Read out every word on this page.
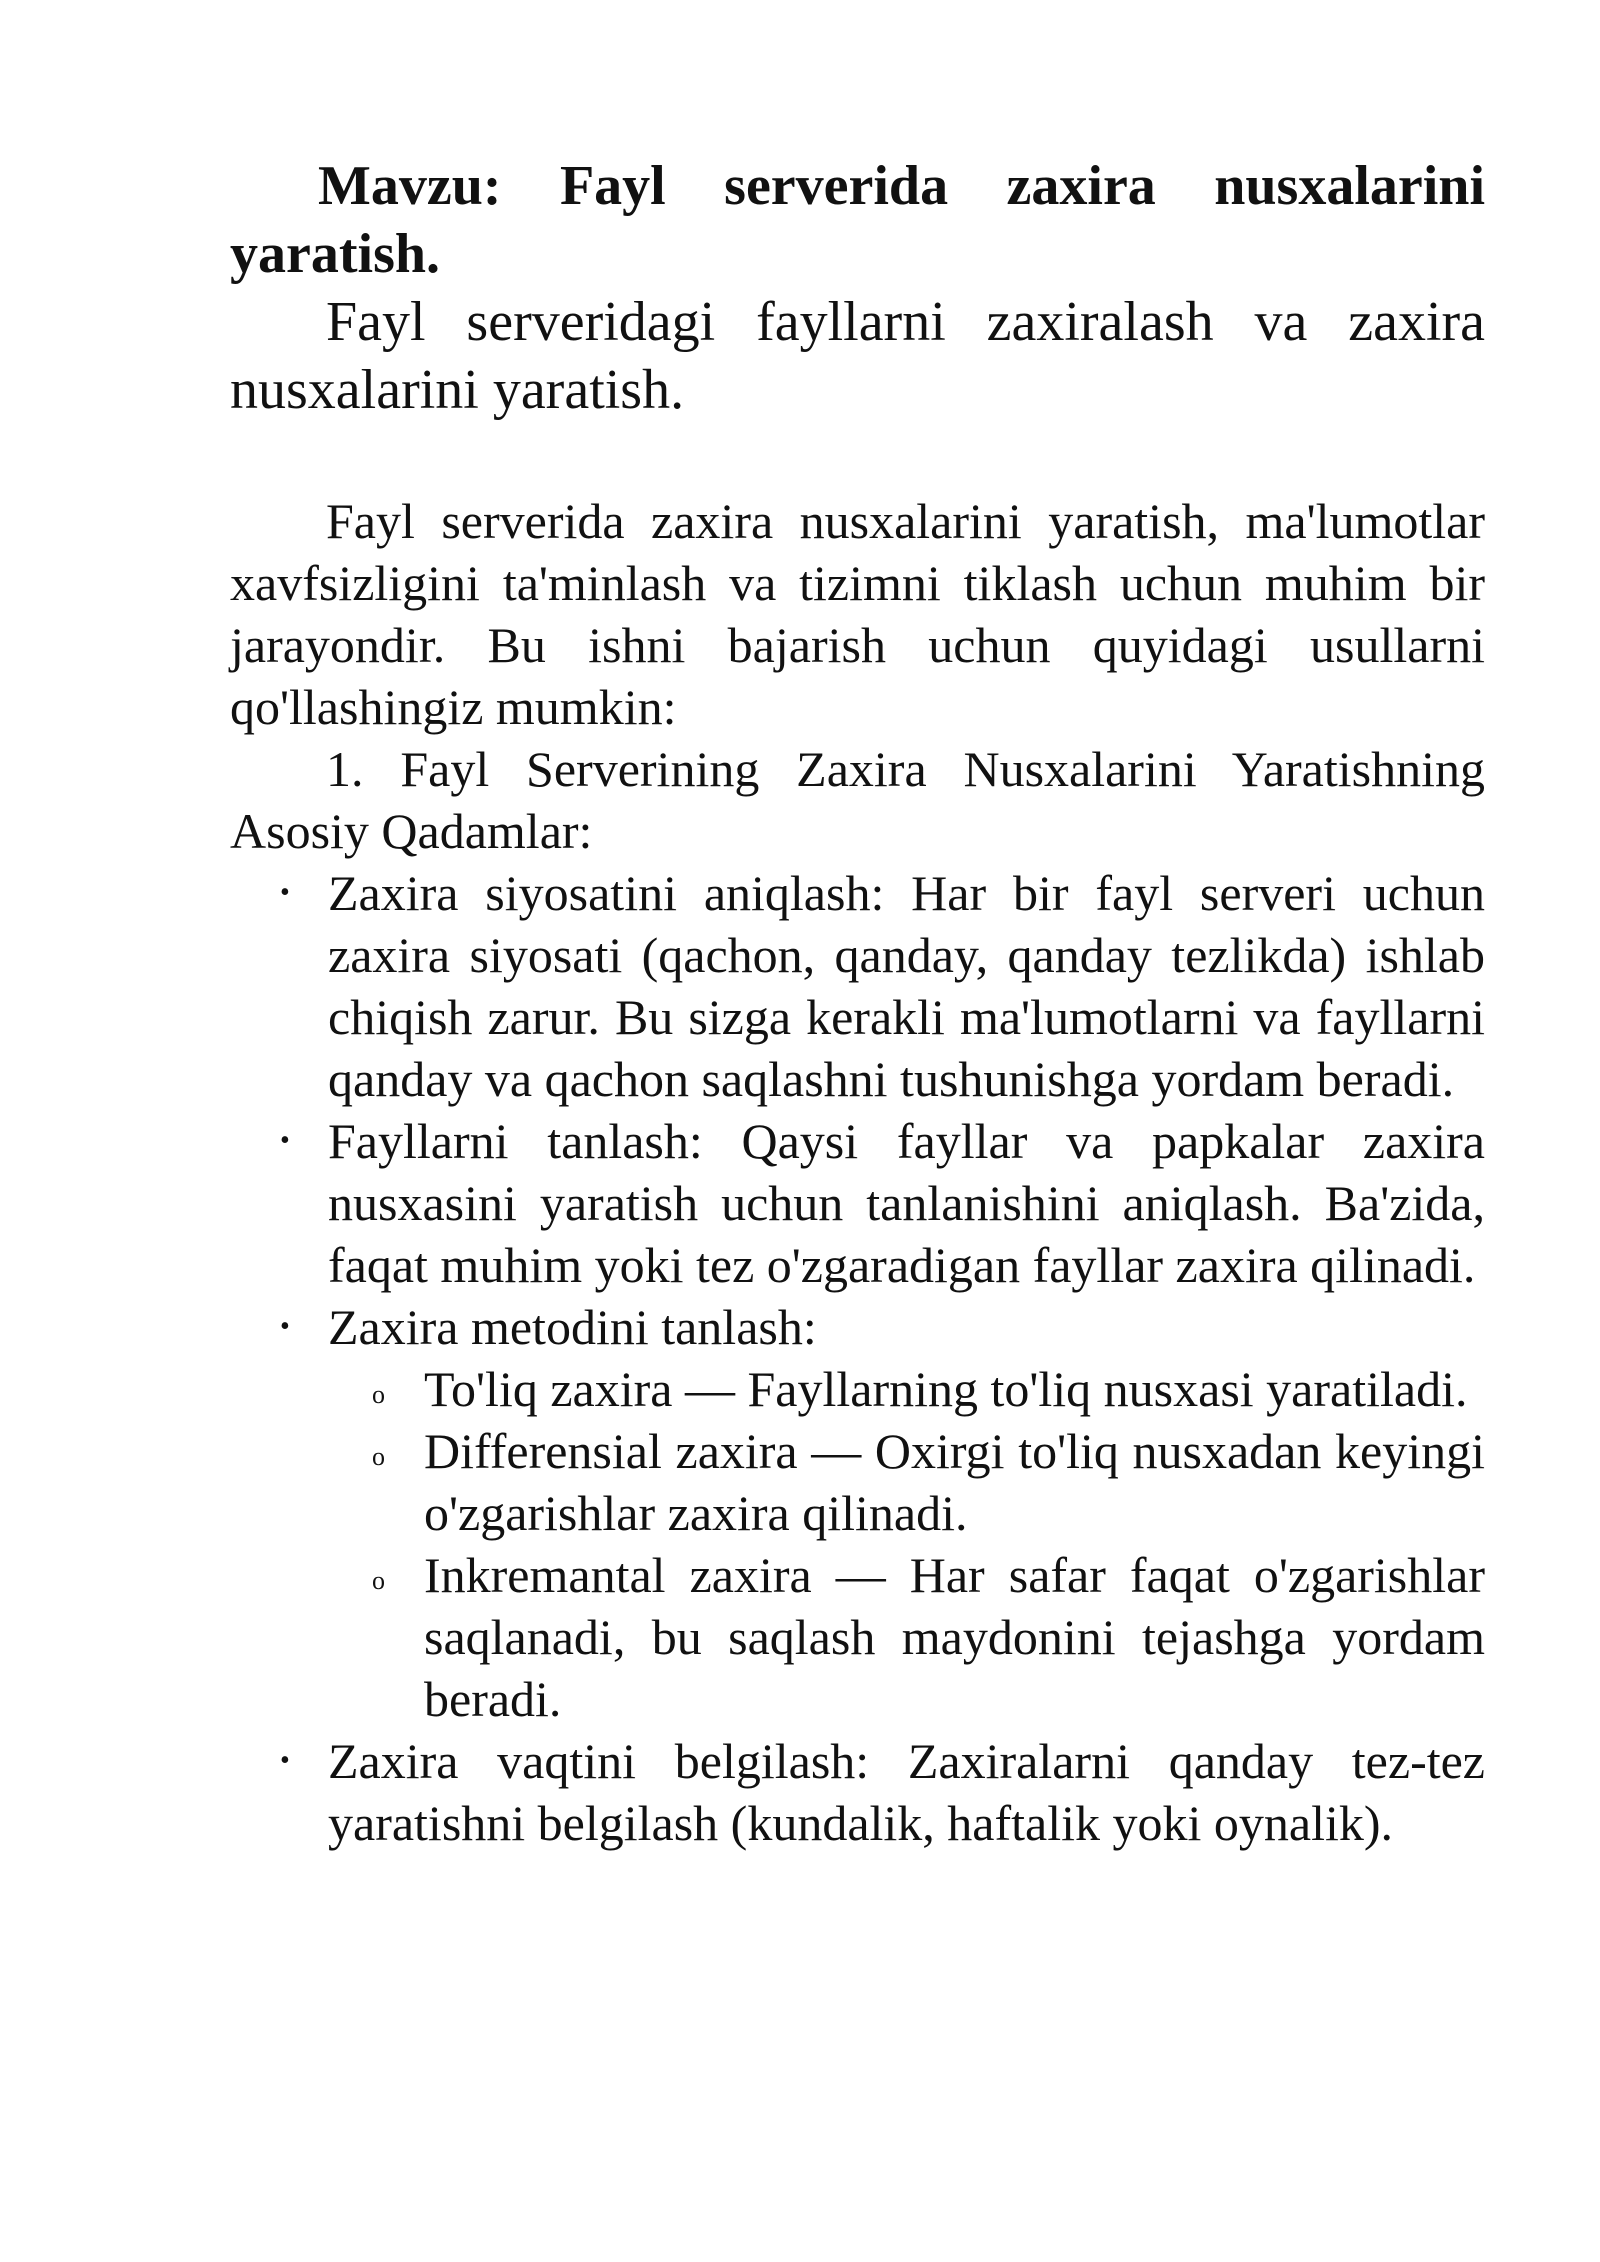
Mavzu: Fayl serverida zaxira nusxalarini yaratish.

Fayl serveridagi fayllarni zaxiralash va zaxira nusxalarini yaratish.

Fayl serverida zaxira nusxalarini yaratish, ma'lumotlar xavfsizligini ta'minlash va tizimni tiklash uchun muhim bir jarayondir. Bu ishni bajarish uchun quyidagi usullarni qo'llashingiz mumkin:

1. Fayl Serverining Zaxira Nusxalarini Yaratishning Asosiy Qadamlar:

• Zaxira siyosatini aniqlash: Har bir fayl serveri uchun zaxira siyosati (qachon, qanday, qanday tezlikda) ishlab chiqish zarur. Bu sizga kerakli ma'lumotlarni va fayllarni qanday va qachon saqlashni tushunishga yordam beradi.
• Fayllarni tanlash: Qaysi fayllar va papkalar zaxira nusxasini yaratish uchun tanlanishini aniqlash. Ba'zida, faqat muhim yoki tez o'zgaradigan fayllar zaxira qilinadi.
• Zaxira metodini tanlash:
o To'liq zaxira — Fayllarning to'liq nusxasi yaratiladi.
o Differensial zaxira — Oxirgi to'liq nusxadan keyingi o'zgarishlar zaxira qilinadi.
o Inkremantal zaxira — Har safar faqat o'zgarishlar saqlanadi, bu saqlash maydonini tejashga yordam beradi.
• Zaxira vaqtini belgilash: Zaxiralarni qanday tez-tez yaratishni belgilash (kundalik, haftalik yoki oynalik).
